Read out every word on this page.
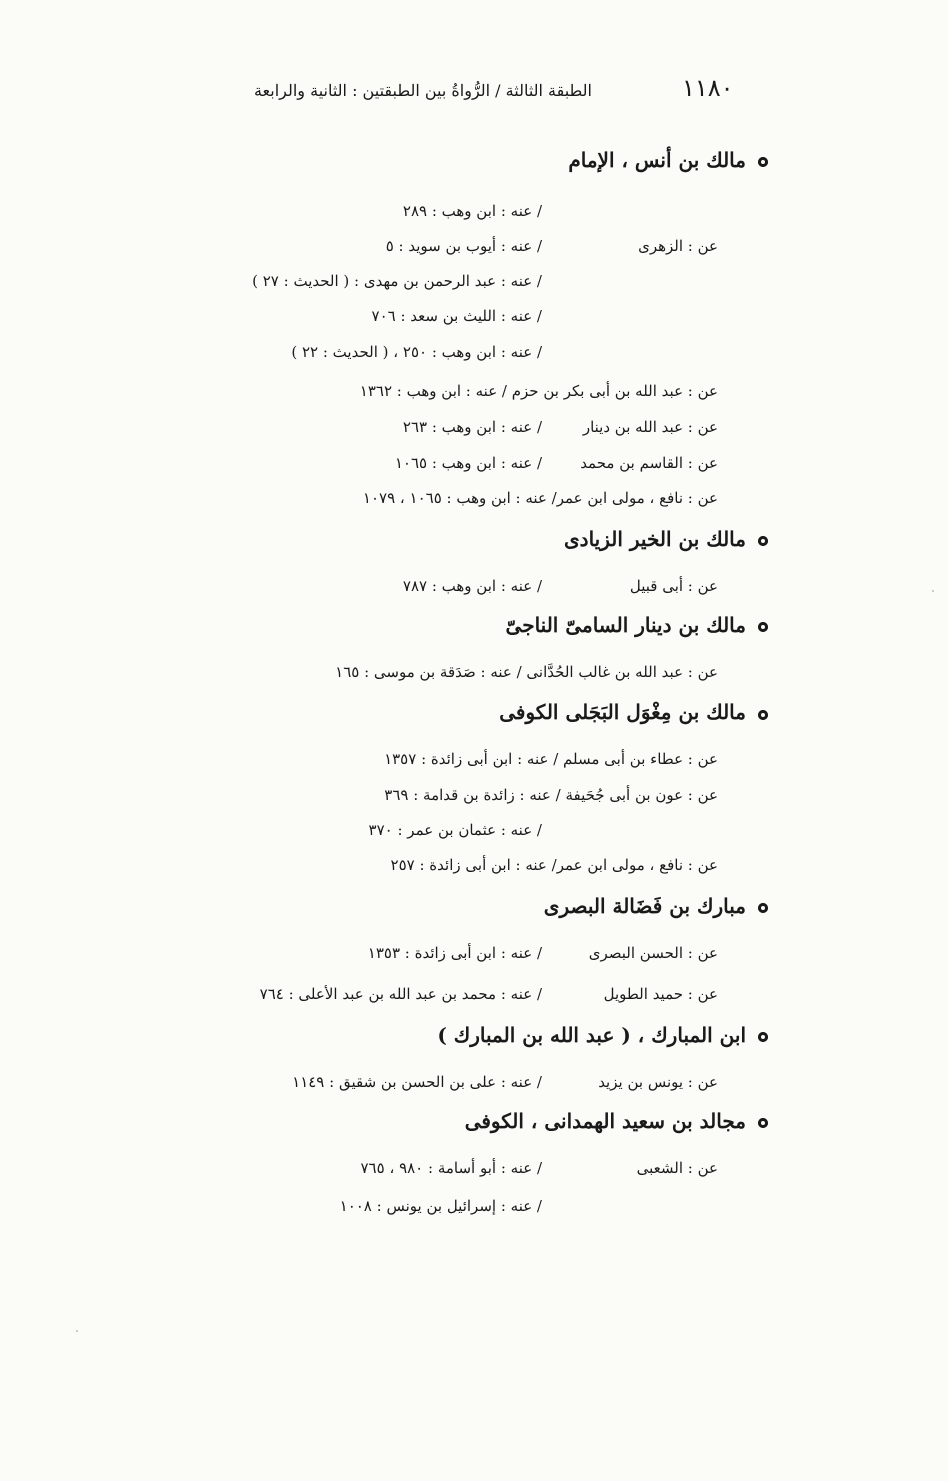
١١٨٠
الطبقة الثالثة / الرُّواةُ بين الطبقتين : الثانية والرابعة
مالك بن أنس ، الإمام
/ عنه : ابن وهب : ٢٨٩
عن : الزهرى
/ عنه : أيوب بن سويد : ٥
/ عنه : عبد الرحمن بن مهدى : ( الحديث : ٢٧ )
/ عنه : الليث بن سعد : ٧٠٦
/ عنه : ابن وهب : ٢٥٠ ، ( الحديث : ٢٢ )
عن : عبد الله بن أبى بكر بن حزم / عنه : ابن وهب : ١٣٦٢
عن : عبد الله بن دينار
/ عنه : ابن وهب : ٢٦٣
عن : القاسم بن محمد
/ عنه : ابن وهب : ١٠٦٥
عن : نافع ، مولى ابن عمر/ عنه : ابن وهب : ١٠٦٥ ، ١٠٧٩
مالك بن الخير الزيادى
عن : أبى قبيل
/ عنه : ابن وهب : ٧٨٧
مالك بن دينار السامىّ الناجىّ
عن : عبد الله بن غالب الحُدَّانى / عنه : صَدَقة بن موسى : ١٦٥
مالك بن مِغْوَل البَجَلى الكوفى
عن : عطاء بن أبى مسلم / عنه : ابن أبى زائدة : ١٣٥٧
عن : عون بن أبى جُحَيفة / عنه : زائدة بن قدامة : ٣٦٩
/ عنه : عثمان بن عمر : ٣٧٠
عن : نافع ، مولى ابن عمر/ عنه : ابن أبى زائدة : ٢٥٧
مبارك بن فَضَالة البصرى
عن : الحسن البصرى
/ عنه : ابن أبى زائدة : ١٣٥٣
عن : حميد الطويل
/ عنه : محمد بن عبد الله بن عبد الأعلى : ٧٦٤
ابن المبارك ، ( عبد الله بن المبارك )
عن : يونس بن يزيد
/ عنه : على بن الحسن بن شقيق : ١١٤٩
مجالد بن سعيد الهمدانى ، الكوفى
عن : الشعبى
/ عنه : أبو أسامة : ٩٨٠ ، ٧٦٥
/ عنه : إسرائيل بن يونس : ١٠٠٨
